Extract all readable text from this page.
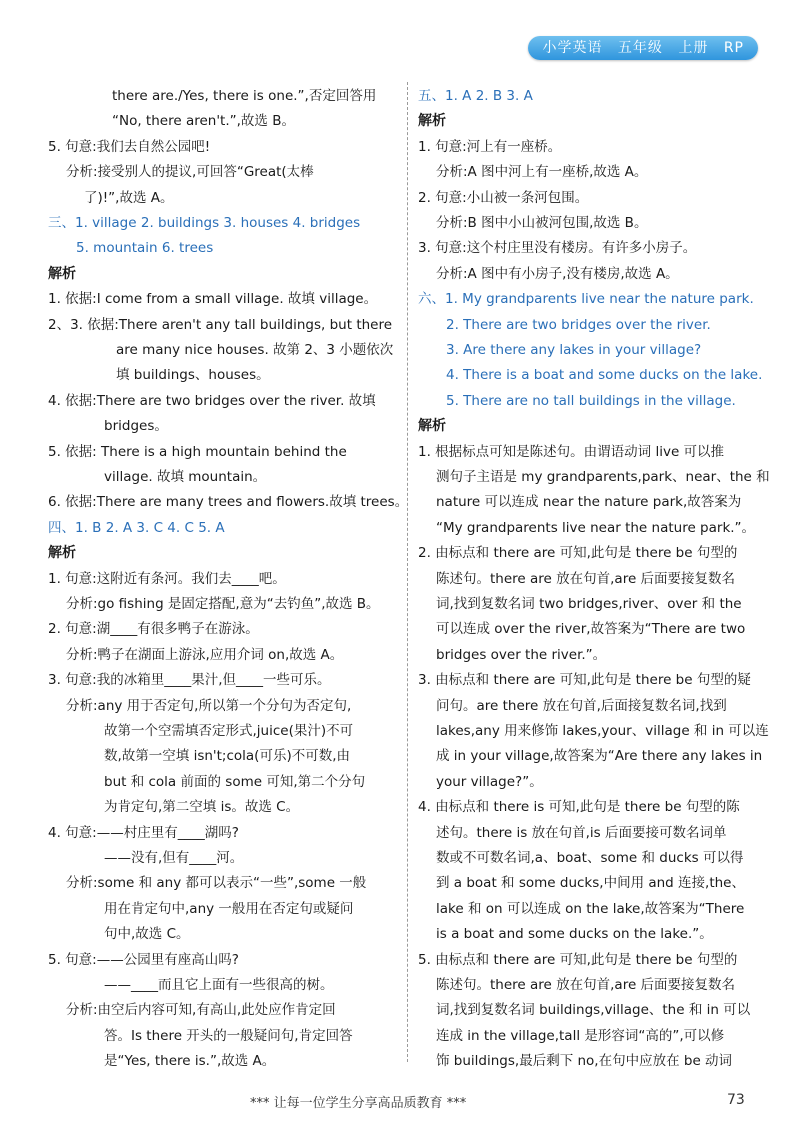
小学英语 五年级 上册 RP
there are./Yes, there is one.”,否定回答用
“No, there aren't.”,故选 B。
5. 句意:我们去自然公园吧!
分析:接受别人的提议,可回答“Great(太棒
了)!”,故选 A。
三、1. village 2. buildings 3. houses 4. bridges
5. mountain 6. trees
解析
1. 依据:I come from a small village. 故填 village。
2、3. 依据:There aren't any tall buildings, but there
are many nice houses. 故第 2、3 小题依次
填 buildings、houses。
4. 依据:There are two bridges over the river. 故填
bridges。
5. 依据: There is a high mountain behind the
village. 故填 mountain。
6. 依据:There are many trees and flowers.故填 trees。
四、1. B 2. A 3. C 4. C 5. A
解析
1. 句意:这附近有条河。我们去____吧。
分析:go fishing 是固定搭配,意为“去钓鱼”,故选 B。
2. 句意:湖____有很多鸭子在游泳。
分析:鸭子在湖面上游泳,应用介词 on,故选 A。
3. 句意:我的冰箱里____果汁,但____一些可乐。
分析:any 用于否定句,所以第一个分句为否定句,
故第一个空需填否定形式,juice(果汁)不可
数,故第一空填 isn't;cola(可乐)不可数,由
but 和 cola 前面的 some 可知,第二个分句
为肯定句,第二空填 is。故选 C。
4. 句意:——村庄里有____湖吗?
——没有,但有____河。
分析:some 和 any 都可以表示“一些”,some 一般
用在肯定句中,any 一般用在否定句或疑问
句中,故选 C。
5. 句意:——公园里有座高山吗?
——____而且它上面有一些很高的树。
分析:由空后内容可知,有高山,此处应作肯定回
答。Is there 开头的一般疑问句,肯定回答
是“Yes, there is.”,故选 A。
五、1. A 2. B 3. A
解析
1. 句意:河上有一座桥。
分析:A 图中河上有一座桥,故选 A。
2. 句意:小山被一条河包围。
分析:B 图中小山被河包围,故选 B。
3. 句意:这个村庄里没有楼房。有许多小房子。
分析:A 图中有小房子,没有楼房,故选 A。
六、1. My grandparents live near the nature park.
2. There are two bridges over the river.
3. Are there any lakes in your village?
4. There is a boat and some ducks on the lake.
5. There are no tall buildings in the village.
解析
1. 根据标点可知是陈述句。由谓语动词 live 可以推
测句子主语是 my grandparents,park、near、the 和
nature 可以连成 near the nature park,故答案为
“My grandparents live near the nature park.”。
2. 由标点和 there are 可知,此句是 there be 句型的
陈述句。there are 放在句首,are 后面要接复数名
词,找到复数名词 two bridges,river、over 和 the
可以连成 over the river,故答案为“There are two
bridges over the river.”。
3. 由标点和 there are 可知,此句是 there be 句型的疑
问句。are there 放在句首,后面接复数名词,找到
lakes,any 用来修饰 lakes,your、village 和 in 可以连
成 in your village,故答案为“Are there any lakes in
your village?”。
4. 由标点和 there is 可知,此句是 there be 句型的陈
述句。there is 放在句首,is 后面要接可数名词单
数或不可数名词,a、boat、some 和 ducks 可以得
到 a boat 和 some ducks,中间用 and 连接,the、
lake 和 on 可以连成 on the lake,故答案为“There
is a boat and some ducks on the lake.”。
5. 由标点和 there are 可知,此句是 there be 句型的
陈述句。there are 放在句首,are 后面要接复数名
词,找到复数名词 buildings,village、the 和 in 可以
连成 in the village,tall 是形容词“高的”,可以修
饰 buildings,最后剩下 no,在句中应放在 be 动词
*** 让每一位学生分享高品质教育 ***	73
